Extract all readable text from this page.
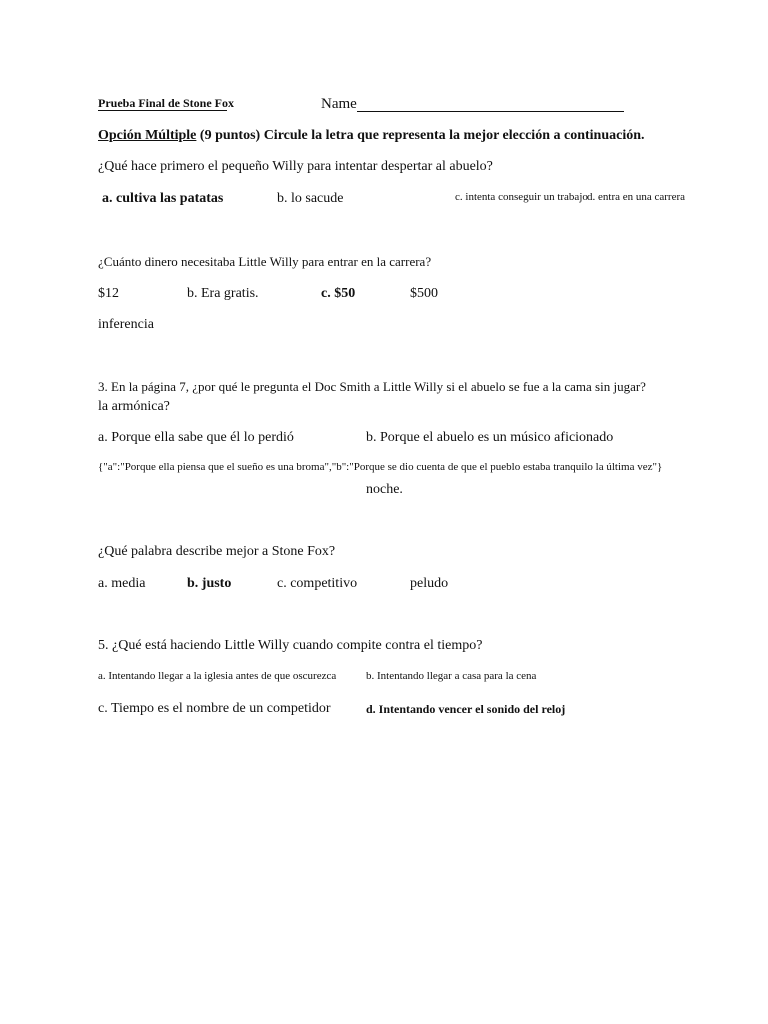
Prueba Final de Stone Fox	Name
Opción Múltiple (9 puntos) Circule la letra que representa la mejor elección a continuación.
¿Qué hace primero el pequeño Willy para intentar despertar al abuelo?
a. cultiva las patatas	b. lo sacude	c. intenta conseguir un trabajo d. entra en una carrera
¿Cuánto dinero necesitaba Little Willy para entrar en la carrera?
$12	b. Era gratis.	c. $50	$500
inferencia
3. En la página 7, ¿por qué le pregunta el Doc Smith a Little Willy si el abuelo se fue a la cama sin jugar?
la armónica?
a. Porque ella sabe que él lo perdió	b. Porque el abuelo es un músico aficionado
{"a":"Porque ella piensa que el sueño es una broma","b":"Porque se dio cuenta de que el pueblo estaba tranquilo la última vez"}
noche.
¿Qué palabra describe mejor a Stone Fox?
a. media	b. justo	c. competitivo	peludo
5. ¿Qué está haciendo Little Willy cuando compite contra el tiempo?
a. Intentando llegar a la iglesia antes de que oscurezca	b. Intentando llegar a casa para la cena
c. Tiempo es el nombre de un competidor	d. Intentando vencer el sonido del reloj
